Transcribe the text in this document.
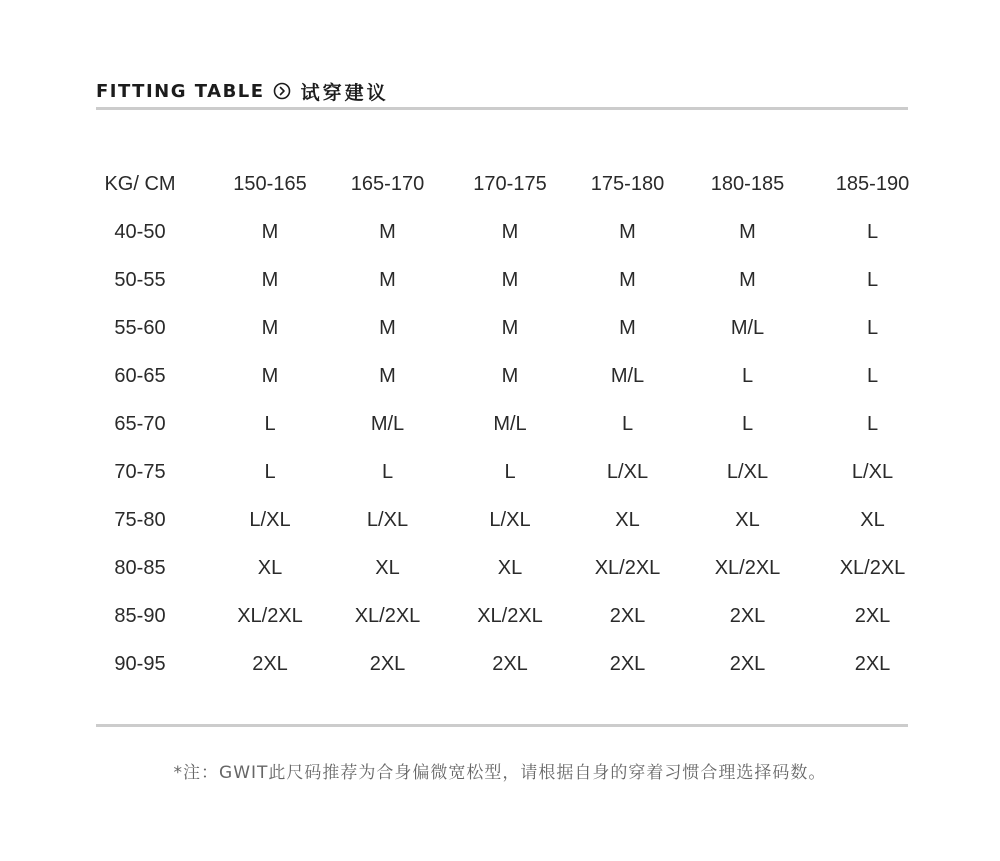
FITTING TABLE 试穿建议
KG/ CM	150-165	165-170	170-175	175-180	180-185	185-190
40-50	M	M	M	M	M	L
50-55	M	M	M	M	M	L
55-60	M	M	M	M	M/L	L
60-65	M	M	M	M/L	L	L
65-70	L	M/L	M/L	L	L	L
70-75	L	L	L	L/XL	L/XL	L/XL
75-80	L/XL	L/XL	L/XL	XL	XL	XL
80-85	XL	XL	XL	XL/2XL	XL/2XL	XL/2XL
85-90	XL/2XL	XL/2XL	XL/2XL	2XL	2XL	2XL
90-95	2XL	2XL	2XL	2XL	2XL	2XL
*注：GWIT此尺码推荐为合身偏微宽松型，请根据自身的穿着习惯合理选择码数。
